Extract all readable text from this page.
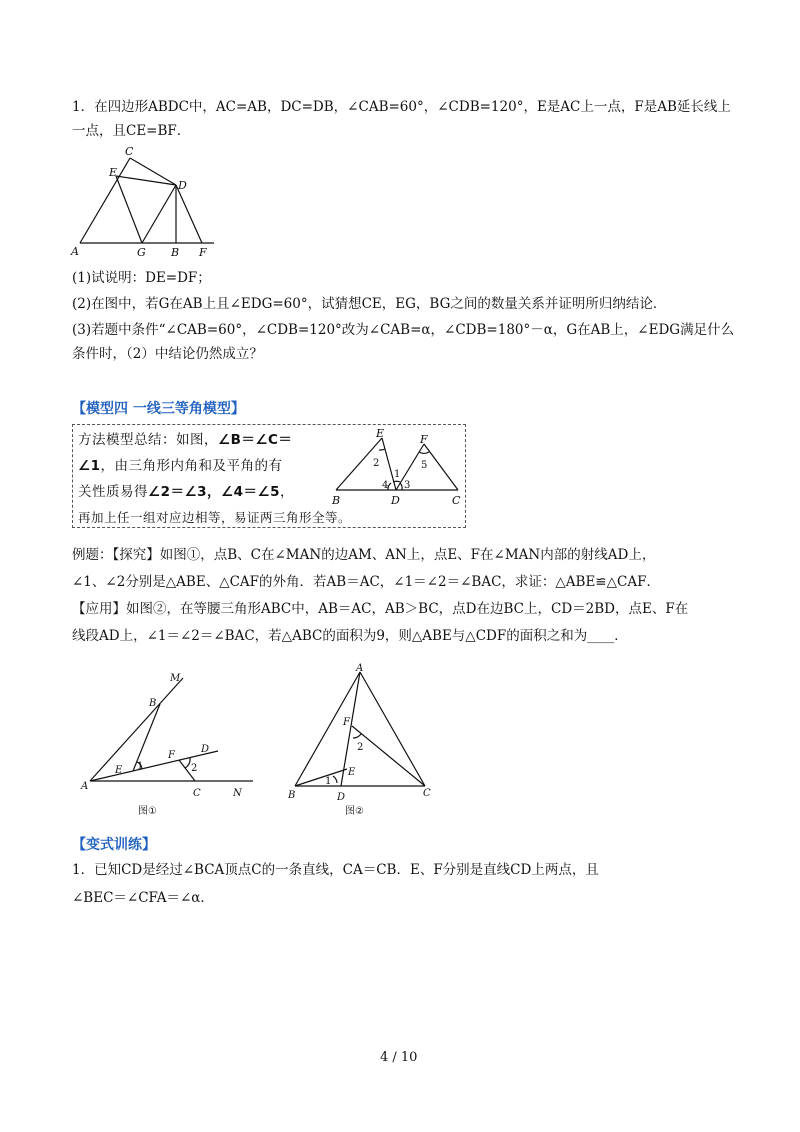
1．在四边形ABDC中，AC=AB，DC=DB，∠CAB=60°，∠CDB=120°，E是AC上一点，F是AB延长线上
一点，且CE=BF．
A
C
E
D
G B F
(1)试说明：DE=DF；
(2)在图中，若G在AB上且∠EDG=60°，试猜想CE，EG，BG之间的数量关系并证明所归纳结论．
(3)若题中条件“∠CAB=60°，∠CDB=120°改为∠CAB=α，∠CDB=180°－α，G在AB上，∠EDG满足什么
条件时，（2）中结论仍然成立？
【模型四 一线三等角模型】
方法模型总结：如图，∠B＝∠C＝
∠1，由三角形内角和及平角的有
关性质易得∠2＝∠3，∠4＝∠5，
再加上任一组对应边相等，易证两三角形全等。
E	F
B	D	C
2
1
4 3
5
例题：【探究】如图①，点B、C在∠MAN的边AM、AN上，点E、F在∠MAN内部的射线AD上，
∠1、∠2分别是△ABE、△CAF的外角．若AB＝AC，∠1＝∠2＝∠BAC，求证：△ABE≌△CAF．
【应用】如图②，在等腰三角形ABC中，AB＝AC，AB＞BC，点D在边BC上，CD＝2BD，点E、F在
线段AD上，∠1＝∠2＝∠BAC，若△ABC的面积为9，则△ABE与△CDF的面积之和为____．
M
B
F
D
E
A
C	N
1	2
图①
A
F
E
B	D	C
2
1
图②
【变式训练】
1．已知CD是经过∠BCA顶点C的一条直线，CA＝CB．E、F分别是直线CD上两点，且
∠BEC＝∠CFA＝∠α．
4 / 10
